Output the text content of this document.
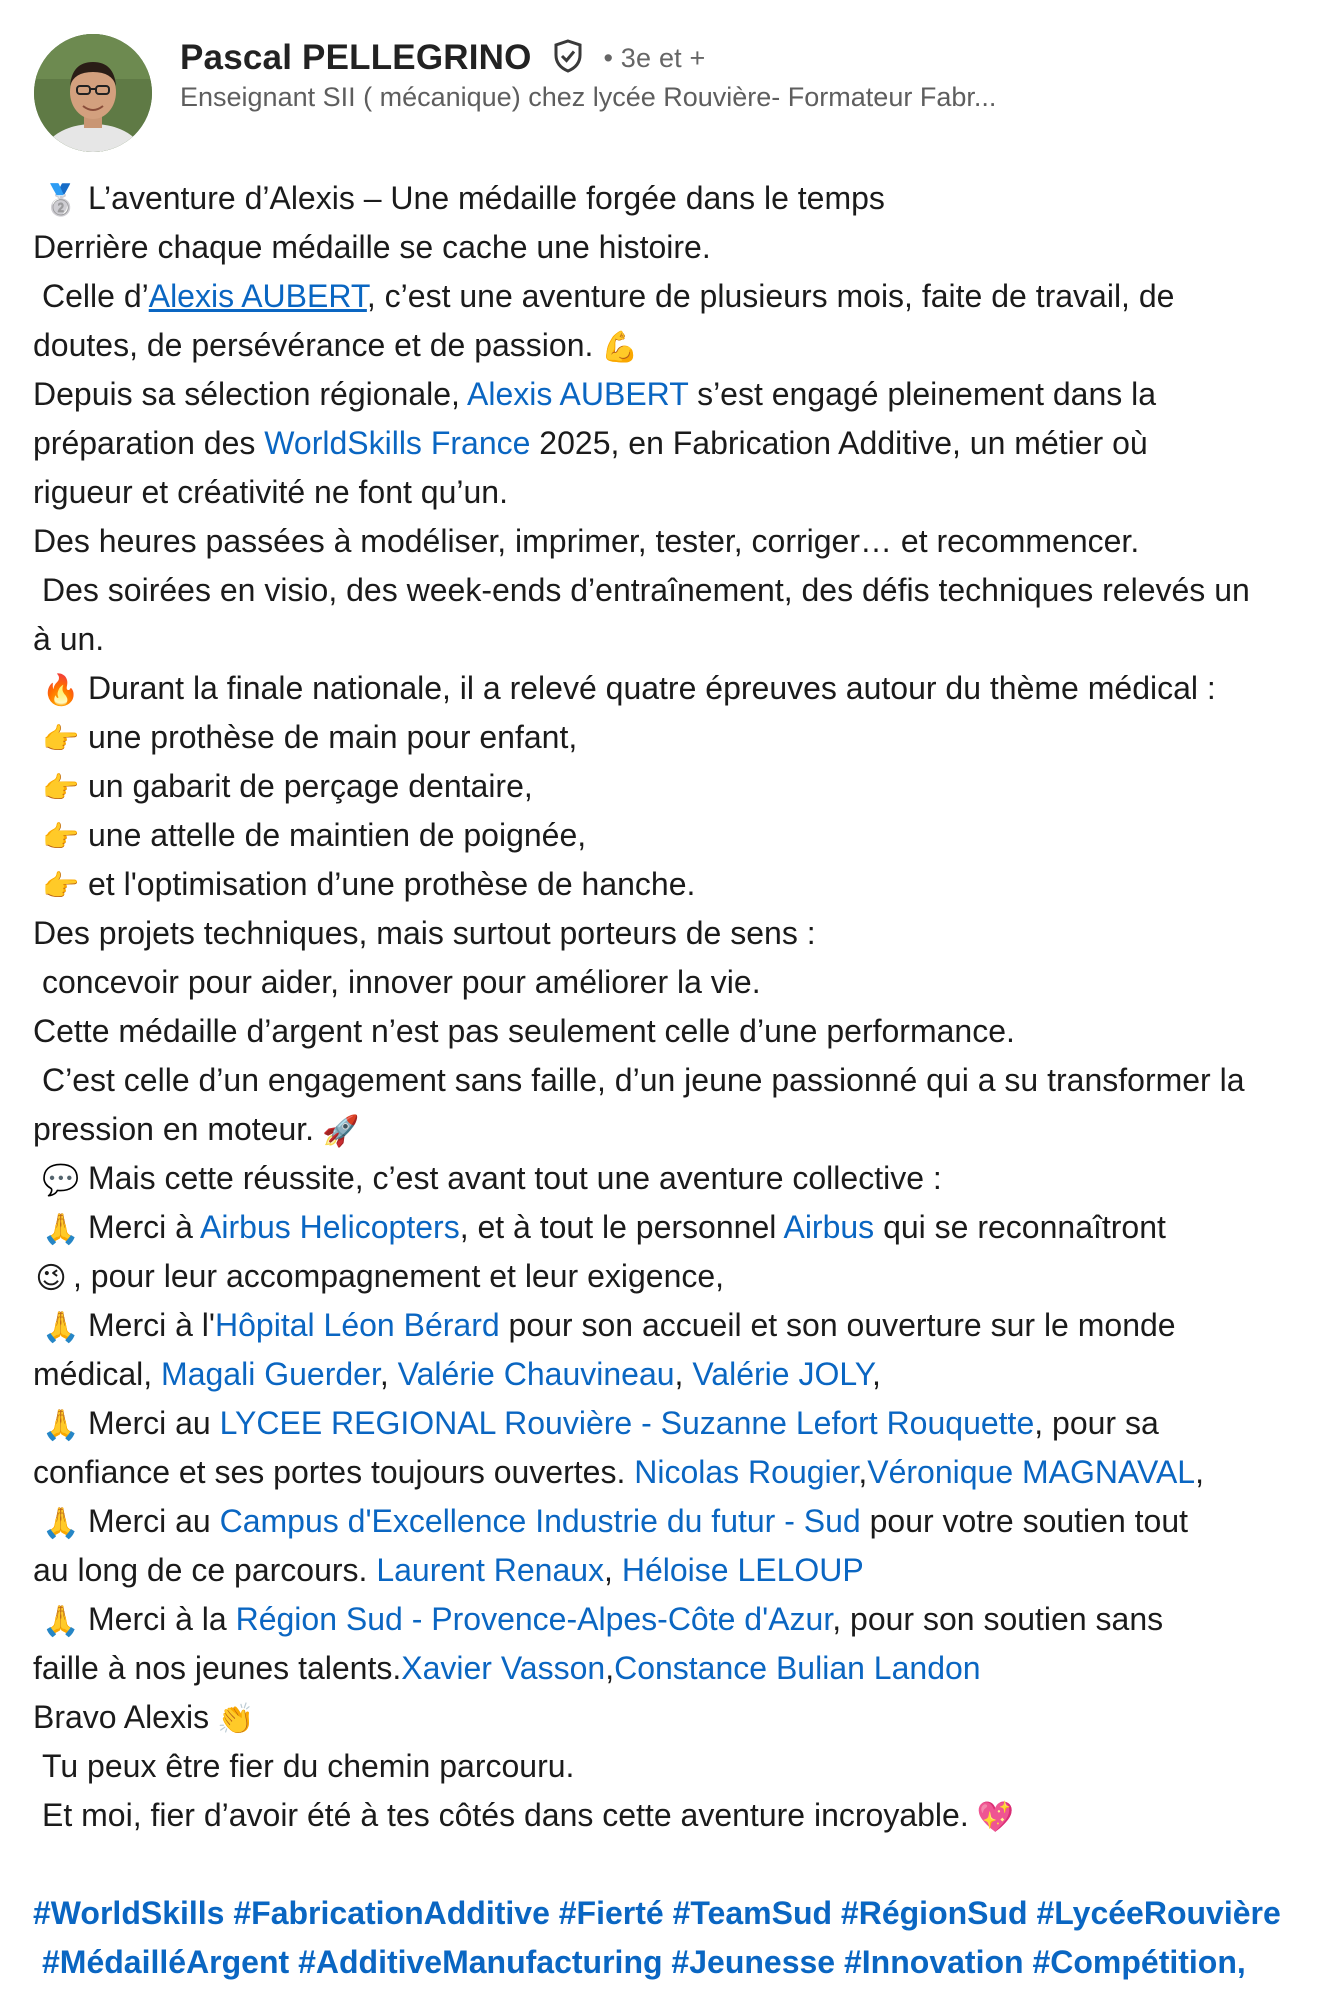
Pascal PELLEGRINO	• 3e et +
Enseignant SII ( mécanique) chez lycée Rouvière- Formateur Fabr...
🥈 L’aventure d’Alexis – Une médaille forgée dans le temps
Derrière chaque médaille se cache une histoire.
Celle d’Alexis AUBERT, c’est une aventure de plusieurs mois, faite de travail, de
doutes, de persévérance et de passion. 💪
Depuis sa sélection régionale, Alexis AUBERT s’est engagé pleinement dans la
préparation des WorldSkills France 2025, en Fabrication Additive, un métier où
rigueur et créativité ne font qu’un.
Des heures passées à modéliser, imprimer, tester, corriger… et recommencer.
Des soirées en visio, des week-ends d’entraînement, des défis techniques relevés un
à un.
🔥 Durant la finale nationale, il a relevé quatre épreuves autour du thème médical :
👉 une prothèse de main pour enfant,
👉 un gabarit de perçage dentaire,
👉 une attelle de maintien de poignée,
👉 et l'optimisation d’une prothèse de hanche.
Des projets techniques, mais surtout porteurs de sens :
concevoir pour aider, innover pour améliorer la vie.
Cette médaille d’argent n’est pas seulement celle d’une performance.
C’est celle d’un engagement sans faille, d’un jeune passionné qui a su transformer la
pression en moteur. 🚀
💬 Mais cette réussite, c’est avant tout une aventure collective :
🙏 Merci à Airbus Helicopters, et à tout le personnel Airbus qui se reconnaîtront
😉 , pour leur accompagnement et leur exigence,
🙏 Merci à l'Hôpital Léon Bérard pour son accueil et son ouverture sur le monde
médical, Magali Guerder, Valérie Chauvineau, Valérie JOLY,
🙏 Merci au LYCEE REGIONAL Rouvière - Suzanne Lefort Rouquette, pour sa
confiance et ses portes toujours ouvertes. Nicolas Rougier,Véronique MAGNAVAL,
🙏 Merci au Campus d'Excellence Industrie du futur - Sud pour votre soutien tout
au long de ce parcours. Laurent Renaux, Héloise LELOUP
🙏 Merci à la Région Sud - Provence-Alpes-Côte d'Azur, pour son soutien sans
faille à nos jeunes talents.Xavier Vasson,Constance Bulian Landon
Bravo Alexis 👏
Tu peux être fier du chemin parcouru.
Et moi, fier d’avoir été à tes côtés dans cette aventure incroyable. 💖
#WorldSkills #FabricationAdditive #Fierté #TeamSud #RégionSud #LycéeRouvière
#MédailléArgent #AdditiveManufacturing #Jeunesse #Innovation #Compétition,
